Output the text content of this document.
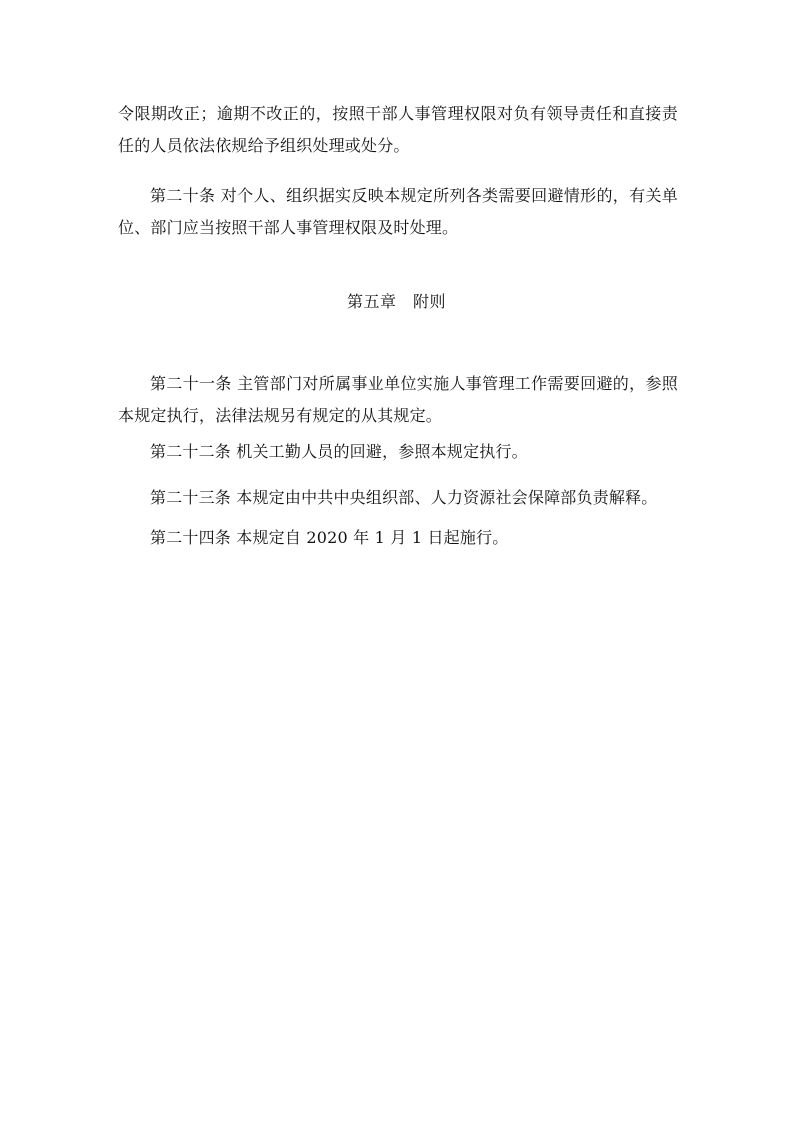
令限期改正；逾期不改正的，按照干部人事管理权限对负有领导责任和直接责任的人员依法依规给予组织处理或处分。

第二十条 对个人、组织据实反映本规定所列各类需要回避情形的，有关单位、部门应当按照干部人事管理权限及时处理。

第五章　附则

第二十一条 主管部门对所属事业单位实施人事管理工作需要回避的，参照本规定执行，法律法规另有规定的从其规定。

第二十二条 机关工勤人员的回避，参照本规定执行。

第二十三条 本规定由中共中央组织部、人力资源社会保障部负责解释。

第二十四条 本规定自 2020 年 1 月 1 日起施行。
